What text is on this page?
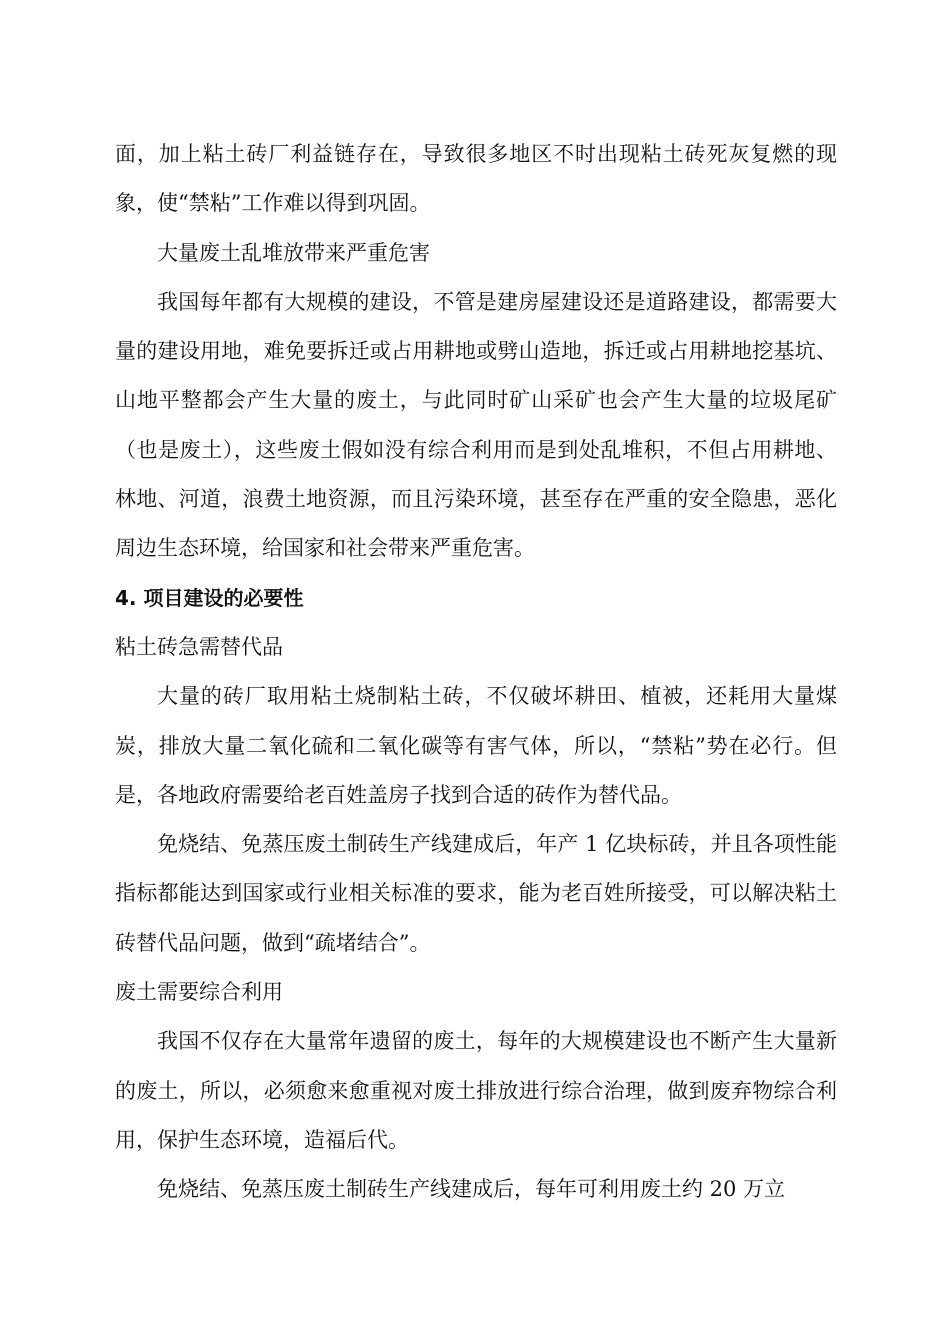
面，加上粘土砖厂利益链存在，导致很多地区不时出现粘土砖死灰复燃的现象，使“禁粘”工作难以得到巩固。

大量废土乱堆放带来严重危害

我国每年都有大规模的建设，不管是建房屋建设还是道路建设，都需要大量的建设用地，难免要拆迁或占用耕地或劈山造地，拆迁或占用耕地挖基坑、山地平整都会产生大量的废土，与此同时矿山采矿也会产生大量的垃圾尾矿（也是废土），这些废土假如没有综合利用而是到处乱堆积，不但占用耕地、林地、河道，浪费土地资源，而且污染环境，甚至存在严重的安全隐患，恶化周边生态环境，给国家和社会带来严重危害。

4. 项目建设的必要性

粘土砖急需替代品

大量的砖厂取用粘土烧制粘土砖，不仅破坏耕田、植被，还耗用大量煤炭，排放大量二氧化硫和二氧化碳等有害气体，所以，“禁粘”势在必行。但是，各地政府需要给老百姓盖房子找到合适的砖作为替代品。

免烧结、免蒸压废土制砖生产线建成后，年产 1 亿块标砖，并且各项性能指标都能达到国家或行业相关标准的要求，能为老百姓所接受，可以解决粘土砖替代品问题，做到“疏堵结合”。

废土需要综合利用

我国不仅存在大量常年遗留的废土，每年的大规模建设也不断产生大量新的废土，所以，必须愈来愈重视对废土排放进行综合治理，做到废弃物综合利用，保护生态环境，造福后代。

免烧结、免蒸压废土制砖生产线建成后，每年可利用废土约 20 万立
